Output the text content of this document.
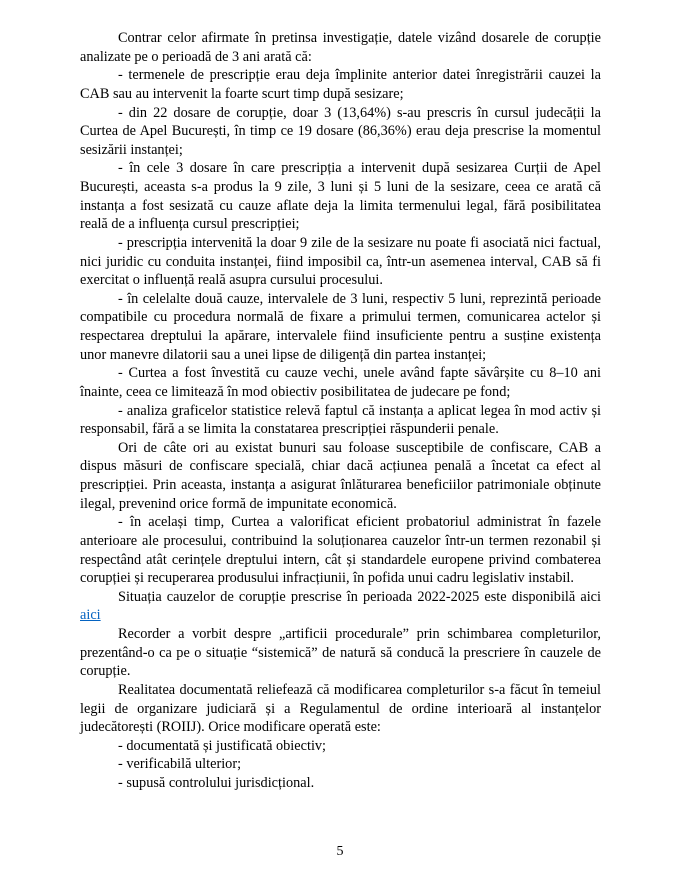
Contrar celor afirmate în pretinsa investigație, datele vizând dosarele de corupție analizate pe o perioadă de 3 ani arată că:

- termenele de prescripție erau deja împlinite anterior datei înregistrării cauzei la CAB sau au intervenit la foarte scurt timp după sesizare;

- din 22 dosare de corupție, doar 3 (13,64%) s-au prescris în cursul judecății la Curtea de Apel București, în timp ce 19 dosare (86,36%) erau deja prescrise la momentul sesizării instanței;

- în cele 3 dosare în care prescripția a intervenit după sesizarea Curții de Apel București, aceasta s-a produs la 9 zile, 3 luni și 5 luni de la sesizare, ceea ce arată că instanța a fost sesizată cu cauze aflate deja la limita termenului legal, fără posibilitatea reală de a influența cursul prescripției;

- prescripția intervenită la doar 9 zile de la sesizare nu poate fi asociată nici factual, nici juridic cu conduita instanței, fiind imposibil ca, într-un asemenea interval, CAB să fi exercitat o influență reală asupra cursului procesului.

- în celelalte două cauze, intervalele de 3 luni, respectiv 5 luni, reprezintă perioade compatibile cu procedura normală de fixare a primului termen, comunicarea actelor și respectarea dreptului la apărare, intervalele fiind insuficiente pentru a susține existența unor manevre dilatorii sau a unei lipse de diligență din partea instanței;

- Curtea a fost învestită cu cauze vechi, unele având fapte săvârșite cu 8–10 ani înainte, ceea ce limitează în mod obiectiv posibilitatea de judecare pe fond;

- analiza graficelor statistice relevă faptul că instanța a aplicat legea în mod activ și responsabil, fără a se limita la constatarea prescripției răspunderii penale.

Ori de câte ori au existat bunuri sau foloase susceptibile de confiscare, CAB a dispus măsuri de confiscare specială, chiar dacă acțiunea penală a încetat ca efect al prescripției. Prin aceasta, instanța a asigurat înlăturarea beneficiilor patrimoniale obținute ilegal, prevenind orice formă de impunitate economică.

- în același timp, Curtea a valorificat eficient probatoriul administrat în fazele anterioare ale procesului, contribuind la soluționarea cauzelor într-un termen rezonabil și respectând atât cerințele dreptului intern, cât și standardele europene privind combaterea corupției și recuperarea produsului infracțiunii, în pofida unui cadru legislativ instabil.

Situația cauzelor de corupție prescrise în perioada 2022-2025 este disponibilă aici aici

Recorder a vorbit despre „artificii procedurale” prin schimbarea completurilor, prezentând-o ca pe o situație “sistemică” de natură să conducă la prescriere în cauzele de corupție.

Realitatea documentată reliefează că modificarea completurilor s-a făcut în temeiul legii de organizare judiciară și a Regulamentul de ordine interioară al instanțelor judecătorești (ROIIJ). Orice modificare operată este:

- documentată și justificată obiectiv;

- verificabilă ulterior;

- supusă controlului jurisdicțional.

5
